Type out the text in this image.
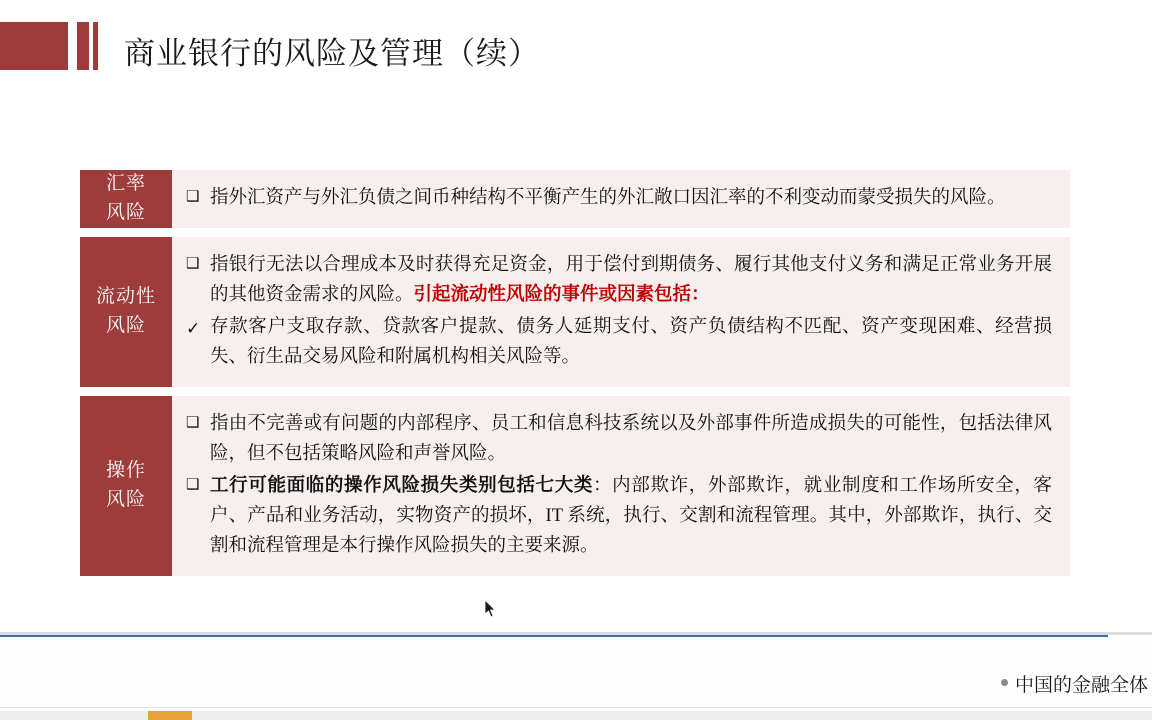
商业银行的风险及管理（续）
汇率
风险
❑ 指外汇资产与外汇负债之间币种结构不平衡产生的外汇敞口因汇率的不利变动而蒙受损失的风险。
流动性
风险
❑ 指银行无法以合理成本及时获得充足资金，用于偿付到期债务、履行其他支付义务和满足正常业务开展的其他资金需求的风险。引起流动性风险的事件或因素包括：
✓ 存款客户支取存款、贷款客户提款、债务人延期支付、资产负债结构不匹配、资产变现困难、经营损失、衍生品交易风险和附属机构相关风险等。
操作
风险
❑ 指由不完善或有问题的内部程序、员工和信息科技系统以及外部事件所造成损失的可能性，包括法律风险，但不包括策略风险和声誉风险。
❑ 工行可能面临的操作风险损失类别包括七大类：内部欺诈，外部欺诈，就业制度和工作场所安全，客户、产品和业务活动，实物资产的损坏，IT 系统，执行、交割和流程管理。其中，外部欺诈，执行、交割和流程管理是本行操作风险损失的主要来源。
中国的金融全体
